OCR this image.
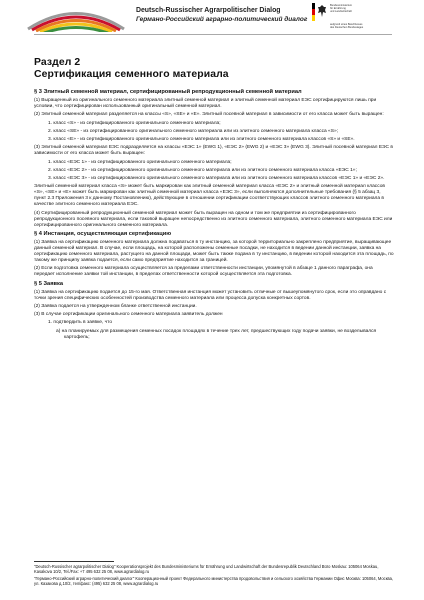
Deutsch-Russischer Agrarpolitischer Dialog
Германо-Российский аграрно-политический диалог
Bundesministerium
für Ernährung
und Landwirtschaft
aufgrund eines Beschlusses
des Deutschen Bundestages
Раздел 2
Сертификация семенного материала
§ 3 Элитный семенной материал, сертифицированный репродукционный семенной материал
(1) Выращенный из оригинального семенного материала элитный семенной материал и элитный семенной материал ЕЭС сертифицируются лишь при условии, что сертифицирован использованный оригинальный семенной материал.
(2) Элитный семенной материал разделяется на классы «S», «SE» и «E». Элитный посевной материал в зависимости от его класса может быть выращен:
1. класс «S» - из сертифицированного оригинального семенного материала;
2. класс «SE» - из сертифицированного оригинального семенного материала или из элитного семенного материала класса «S»;
3. класс «E» - из сертифицированного оригинального семенного материала или из элитного семенного материала классов «S» и «SE».
(3) Элитный семенной материал ЕЭС подразделяется на классы «ЕЭС 1» (EWG 1), «ЕЭС 2» (EWG 2) и «ЕЭС 3» (EWG 3). Элитный посевной материал ЕЭС в зависимости от его класса может быть выращен:
1. класс «ЕЭС 1» - из сертифицированного оригинального семенного материала;
2. класс «ЕЭС 2» - из сертифицированного оригинального семенного материала или из элитного семенного материала класса «ЕЭС 1»;
3. класс «ЕЭС 3» - из сертифицированного оригинального семенного материала или из элитного семенного материала классов «ЕЭС 1» и «ЕЭС 2».
Элитный семенной материал класса «S» может быть маркирован как элитный семенной материал класса «ЕЭС 2» и элитный семенной материал классов «S», «SE» и «E» может быть маркирован как элитный семенной материал класса «ЕЭС 3», если выполняются дополнительные требования (§ 5 абзац 3, пункт 2.3 Приложения 3 к данному Постановлению), действующие в отношении сертификации соответствующих классов элитного семенного материала в качестве элитного семенного материала ЕЭС.
(4) Сертифицированный репродукционный семенной материал может быть выращен на одном и том же предприятии из сертифицированного репродукционного посевного материала, если таковой выращен непосредственно из элитного семенного материала, элитного семенного материала ЕЭС или сертифицированного оригинального семенного материала.
§ 4 Инстанция, осуществляющая сертификацию
(1) Заявка на сертификацию семенного материала должна подаваться в ту инстанцию, за которой территориально закреплено предприятие, выращивающее данный семенной материал. В случае, если площадь, на которой расположены семенные посадки, не находится в ведении данной инстанции, заявка на сертификацию семенного материала, растущего на данной площади, может быть также подана в ту инстанцию, в ведении которой находится эта площадь, по такому же принципу заявка подается, если само предприятие находится за границей.
(2) Если подготовка семенного материала осуществляется за пределами ответственности инстанции, упомянутой в абзаце 1 данного параграфа, она передает исполнение заявки той инстанции, в пределах ответственности которой осуществляется эта подготовка.
§ 5 Заявка
(1) Заявка на сертификацию подается до 15-го мая. Ответственная инстанция может установить отличные от вышеупомянутого срок, если это оправдано с точки зрения специфических особенностей производства семенного материала или процесса допуска конкретных сортов.
(2) Заявка подается на утвержденном бланке ответственной инстанции.
(3) В случае сертификации оригинального семенного материала заявитель должен
1. подтвердить в заявке, что
а) на планируемых для размещения семенных посадок площадях в течение трех лет, предшествующих году подачи заявки, не возделывался картофель;

"Deutsch-Russischer agrarpolitischer Dialog" Kooperationsprojekt des Bundesministeriums für Ernährung und Landwirtschaft der Bundesrepublik Deutschland Büro Moskau: 105064 Moskau, Kasakova 10/2, Tel./Fax: +7 495 632 25 08, www.agrardialog.ru

"Германо-Российский аграрно-политический диалог" Кооперационный проект Федерального министерства продовольствия и сельского хозяйства Германии Офис Москва: 105064, Москва, ул. Казакова д.10/2, тел/факс: (495) 632 25 08, www.agrardialog.ru
